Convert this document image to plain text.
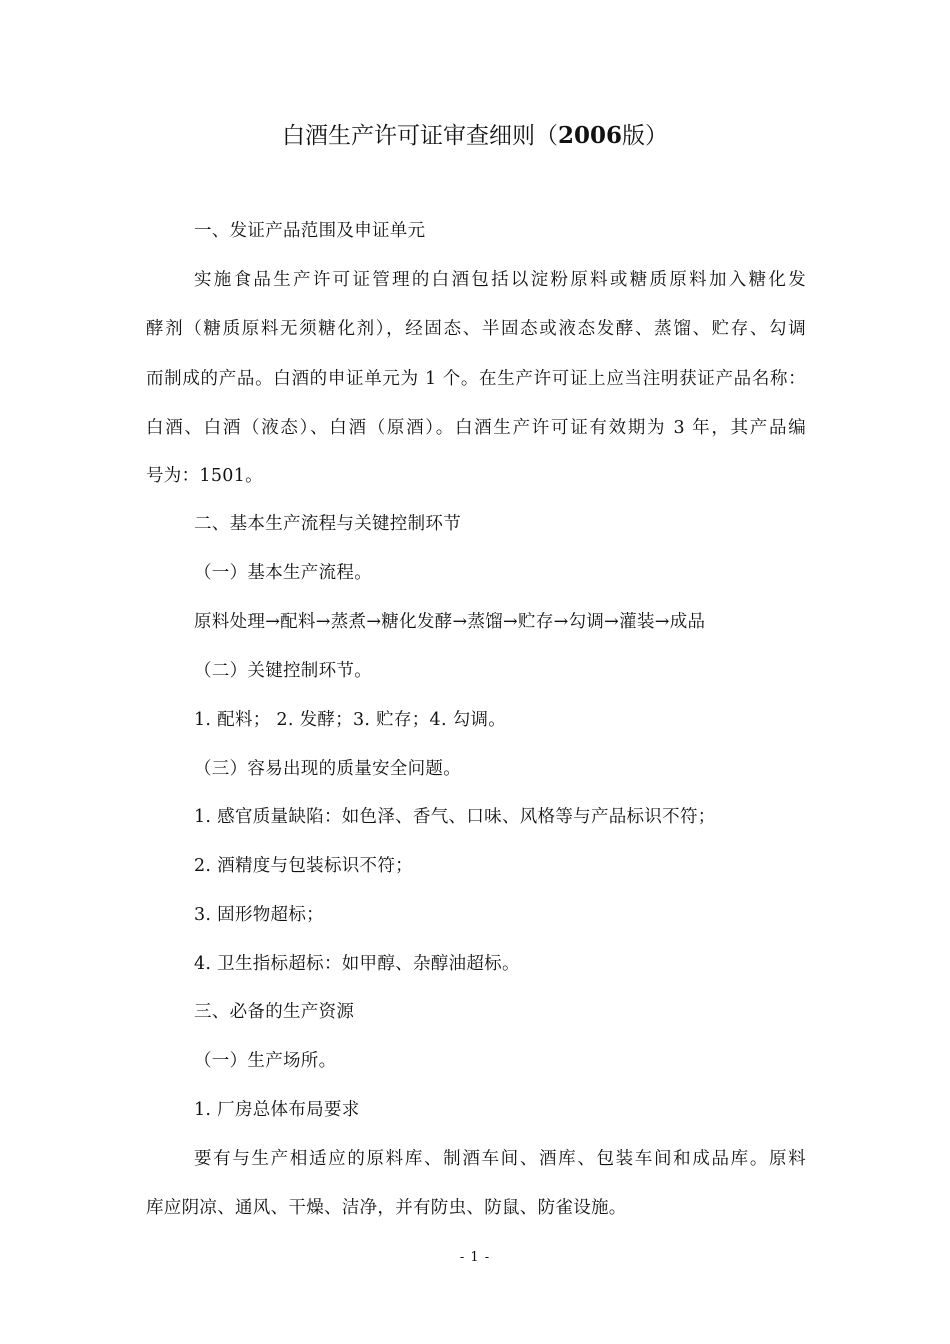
白酒生产许可证审查细则（2006版）
一、发证产品范围及申证单元
实施食品生产许可证管理的白酒包括以淀粉原料或糖质原料加入糖化发
酵剂（糖质原料无须糖化剂），经固态、半固态或液态发酵、蒸馏、贮存、勾调
而制成的产品。白酒的申证单元为 1 个。在生产许可证上应当注明获证产品名称：
白酒、白酒（液态）、白酒（原酒）。白酒生产许可证有效期为 3 年，其产品编
号为：1501。
二、基本生产流程与关键控制环节
（一）基本生产流程。
原料处理→配料→蒸煮→糖化发酵→蒸馏→贮存→勾调→灌装→成品
（二）关键控制环节。
1. 配料； 2. 发酵；3. 贮存；4. 勾调。
（三）容易出现的质量安全问题。
1. 感官质量缺陷：如色泽、香气、口味、风格等与产品标识不符；
2. 酒精度与包装标识不符；
3. 固形物超标；
4. 卫生指标超标：如甲醇、杂醇油超标。
三、必备的生产资源
（一）生产场所。
1. 厂房总体布局要求
要有与生产相适应的原料库、制酒车间、酒库、包装车间和成品库。原料
库应阴凉、通风、干燥、洁净，并有防虫、防鼠、防雀设施。
- 1 -
